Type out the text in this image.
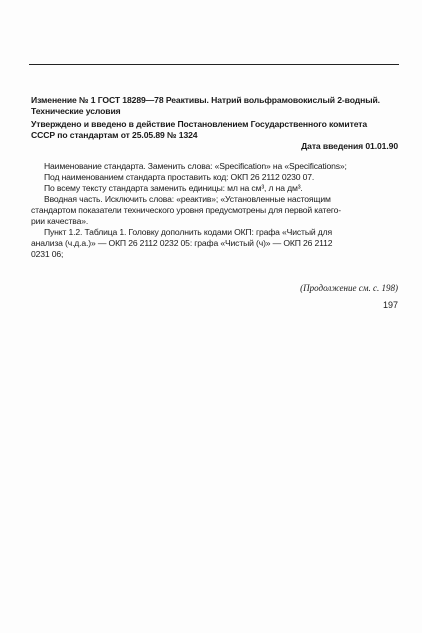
Изменение № 1 ГОСТ 18289—78 Реактивы. Натрий вольфрамовокислый 2-водный.
Технические условия
Утверждено и введено в действие Постановлением Государственного комитета
СССР по стандартам от 25.05.89 № 1324
Дата введения 01.01.90
Наименование стандарта. Заменить слова: «Specification» на «Specifications»;
Под наименованием стандарта проставить код: ОКП 26 2112 0230 07.
По всему тексту стандарта заменить единицы: мл на см³, л на дм³.
Вводная часть. Исключить слова: «реактив»; «Установленные настоящим
стандартом показатели технического уровня предусмотрены для первой катего-
рии качества».
Пункт 1.2. Таблица 1. Головку дополнить кодами ОКП: графа «Чистый для
анализа (ч.д.а.)» — ОКП 26 2112 0232 05: графа «Чистый (ч)» — ОКП 26 2112
0231 06;
(Продолжение см. с. 198)
197
